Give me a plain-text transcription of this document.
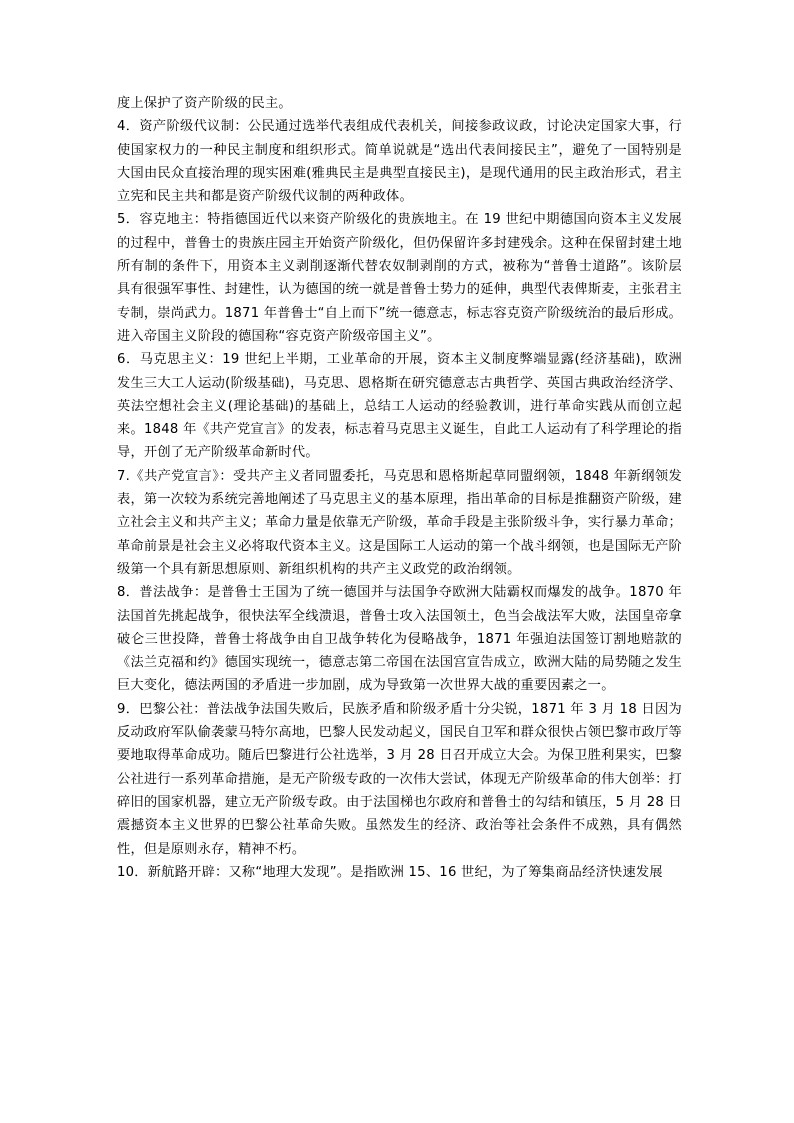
度上保护了资产阶级的民主。

4．资产阶级代议制：公民通过选举代表组成代表机关，间接参政议政，讨论决定国家大事，行使国家权力的一种民主制度和组织形式。简单说就是“选出代表间接民主”，避免了一国特别是大国由民众直接治理的现实困难(雅典民主是典型直接民主)，是现代通用的民主政治形式，君主立宪和民主共和都是资产阶级代议制的两种政体。

5．容克地主：特指德国近代以来资产阶级化的贵族地主。在 19 世纪中期德国向资本主义发展的过程中，普鲁士的贵族庄园主开始资产阶级化，但仍保留许多封建残余。这种在保留封建土地所有制的条件下，用资本主义剥削逐渐代替农奴制剥削的方式，被称为“普鲁士道路”。该阶层具有很强军事性、封建性，认为德国的统一就是普鲁士势力的延伸，典型代表俾斯麦，主张君主专制，崇尚武力。1871 年普鲁士“自上而下”统一德意志，标志容克资产阶级统治的最后形成。进入帝国主义阶段的德国称“容克资产阶级帝国主义”。

6．马克思主义：19 世纪上半期，工业革命的开展，资本主义制度弊端显露(经济基础)，欧洲发生三大工人运动(阶级基础)，马克思、恩格斯在研究德意志古典哲学、英国古典政治经济学、英法空想社会主义(理论基础)的基础上，总结工人运动的经验教训，进行革命实践从而创立起来。1848 年《共产党宣言》的发表，标志着马克思主义诞生，自此工人运动有了科学理论的指导，开创了无产阶级革命新时代。

7.《共产党宣言》：受共产主义者同盟委托，马克思和恩格斯起草同盟纲领，1848 年新纲领发表，第一次较为系统完善地阐述了马克思主义的基本原理，指出革命的目标是推翻资产阶级，建立社会主义和共产主义；革命力量是依靠无产阶级，革命手段是主张阶级斗争，实行暴力革命；革命前景是社会主义必将取代资本主义。这是国际工人运动的第一个战斗纲领，也是国际无产阶级第一个具有新思想原则、新组织机构的共产主义政党的政治纲领。

8．普法战争：是普鲁士王国为了统一德国并与法国争夺欧洲大陆霸权而爆发的战争。1870 年法国首先挑起战争，很快法军全线溃退，普鲁士攻入法国领土，色当会战法军大败，法国皇帝拿破仑三世投降，普鲁士将战争由自卫战争转化为侵略战争，1871 年强迫法国签订割地赔款的《法兰克福和约》德国实现统一，德意志第二帝国在法国宫宣告成立，欧洲大陆的局势随之发生巨大变化，德法两国的矛盾进一步加剧，成为导致第一次世界大战的重要因素之一。

9．巴黎公社：普法战争法国失败后，民族矛盾和阶级矛盾十分尖锐，1871 年 3 月 18 日因为反动政府军队偷袭蒙马特尔高地，巴黎人民发动起义，国民自卫军和群众很快占领巴黎市政厅等要地取得革命成功。随后巴黎进行公社选举，3 月 28 日召开成立大会。为保卫胜利果实，巴黎公社进行一系列革命措施，是无产阶级专政的一次伟大尝试，体现无产阶级革命的伟大创举：打碎旧的国家机器，建立无产阶级专政。由于法国梯也尔政府和普鲁士的勾结和镇压，5 月 28 日震撼资本主义世界的巴黎公社革命失败。虽然发生的经济、政治等社会条件不成熟，具有偶然性，但是原则永存，精神不朽。

10．新航路开辟：又称“地理大发现”。是指欧洲 15、16 世纪，为了筹集商品经济快速发展
